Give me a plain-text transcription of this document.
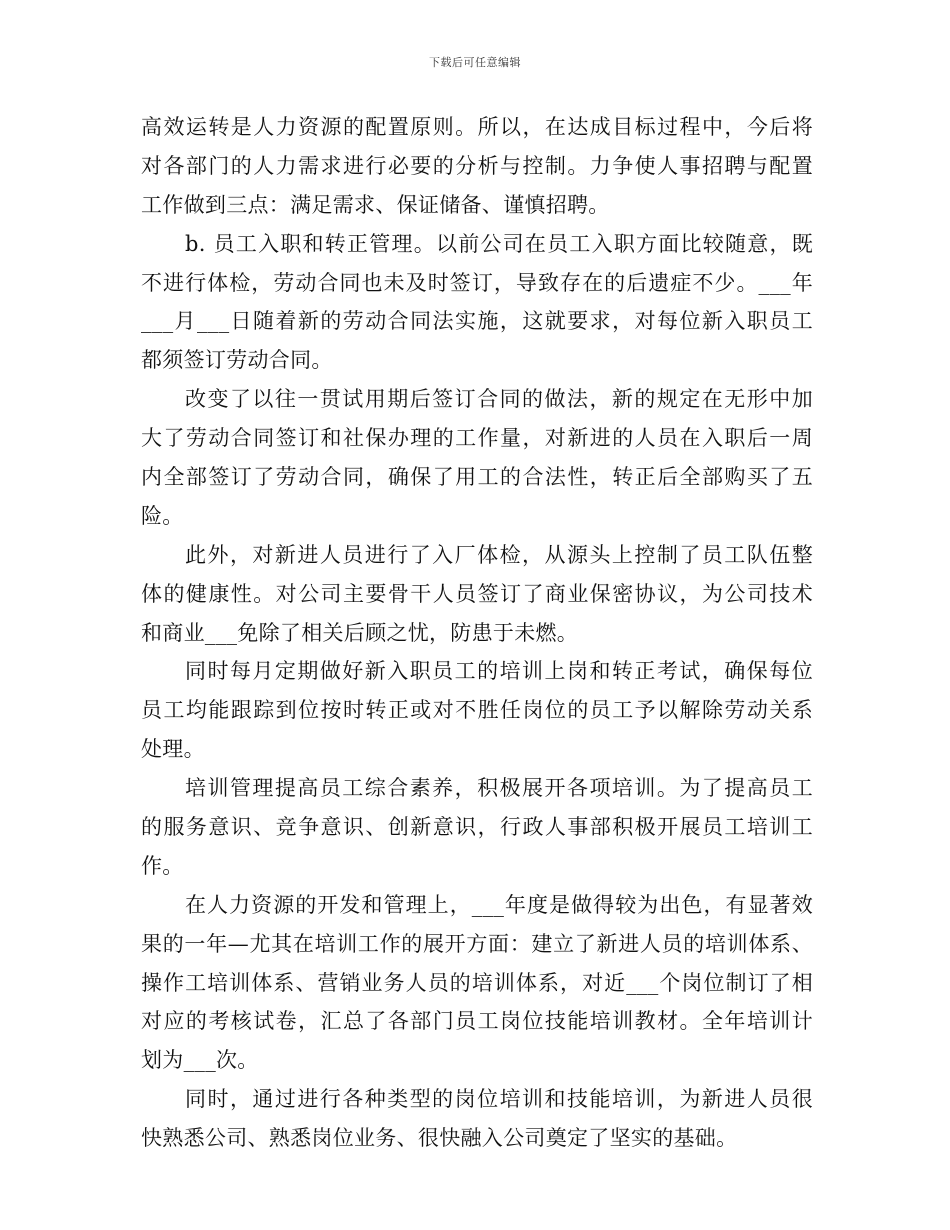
下载后可任意编辑
高效运转是人力资源的配置原则。所以，在达成目标过程中，今后将
对各部门的人力需求进行必要的分析与控制。力争使人事招聘与配置
工作做到三点：满足需求、保证储备、谨慎招聘。
b. 员工入职和转正管理。以前公司在员工入职方面比较随意，既
不进行体检，劳动合同也未及时签订，导致存在的后遗症不少。___年
___月___日随着新的劳动合同法实施，这就要求，对每位新入职员工
都须签订劳动合同。
改变了以往一贯试用期后签订合同的做法，新的规定在无形中加
大了劳动合同签订和社保办理的工作量，对新进的人员在入职后一周
内全部签订了劳动合同，确保了用工的合法性，转正后全部购买了五
险。
此外，对新进人员进行了入厂体检，从源头上控制了员工队伍整
体的健康性。对公司主要骨干人员签订了商业保密协议，为公司技术
和商业___免除了相关后顾之忧，防患于未燃。
同时每月定期做好新入职员工的培训上岗和转正考试，确保每位
员工均能跟踪到位按时转正或对不胜任岗位的员工予以解除劳动关系
处理。
培训管理提高员工综合素养，积极展开各项培训。为了提高员工
的服务意识、竞争意识、创新意识，行政人事部积极开展员工培训工
作。
在人力资源的开发和管理上，___年度是做得较为出色，有显著效
果的一年—尤其在培训工作的展开方面：建立了新进人员的培训体系、
操作工培训体系、营销业务人员的培训体系，对近___个岗位制订了相
对应的考核试卷，汇总了各部门员工岗位技能培训教材。全年培训计
划为___次。
同时，通过进行各种类型的岗位培训和技能培训，为新进人员很
快熟悉公司、熟悉岗位业务、很快融入公司奠定了坚实的基础。
